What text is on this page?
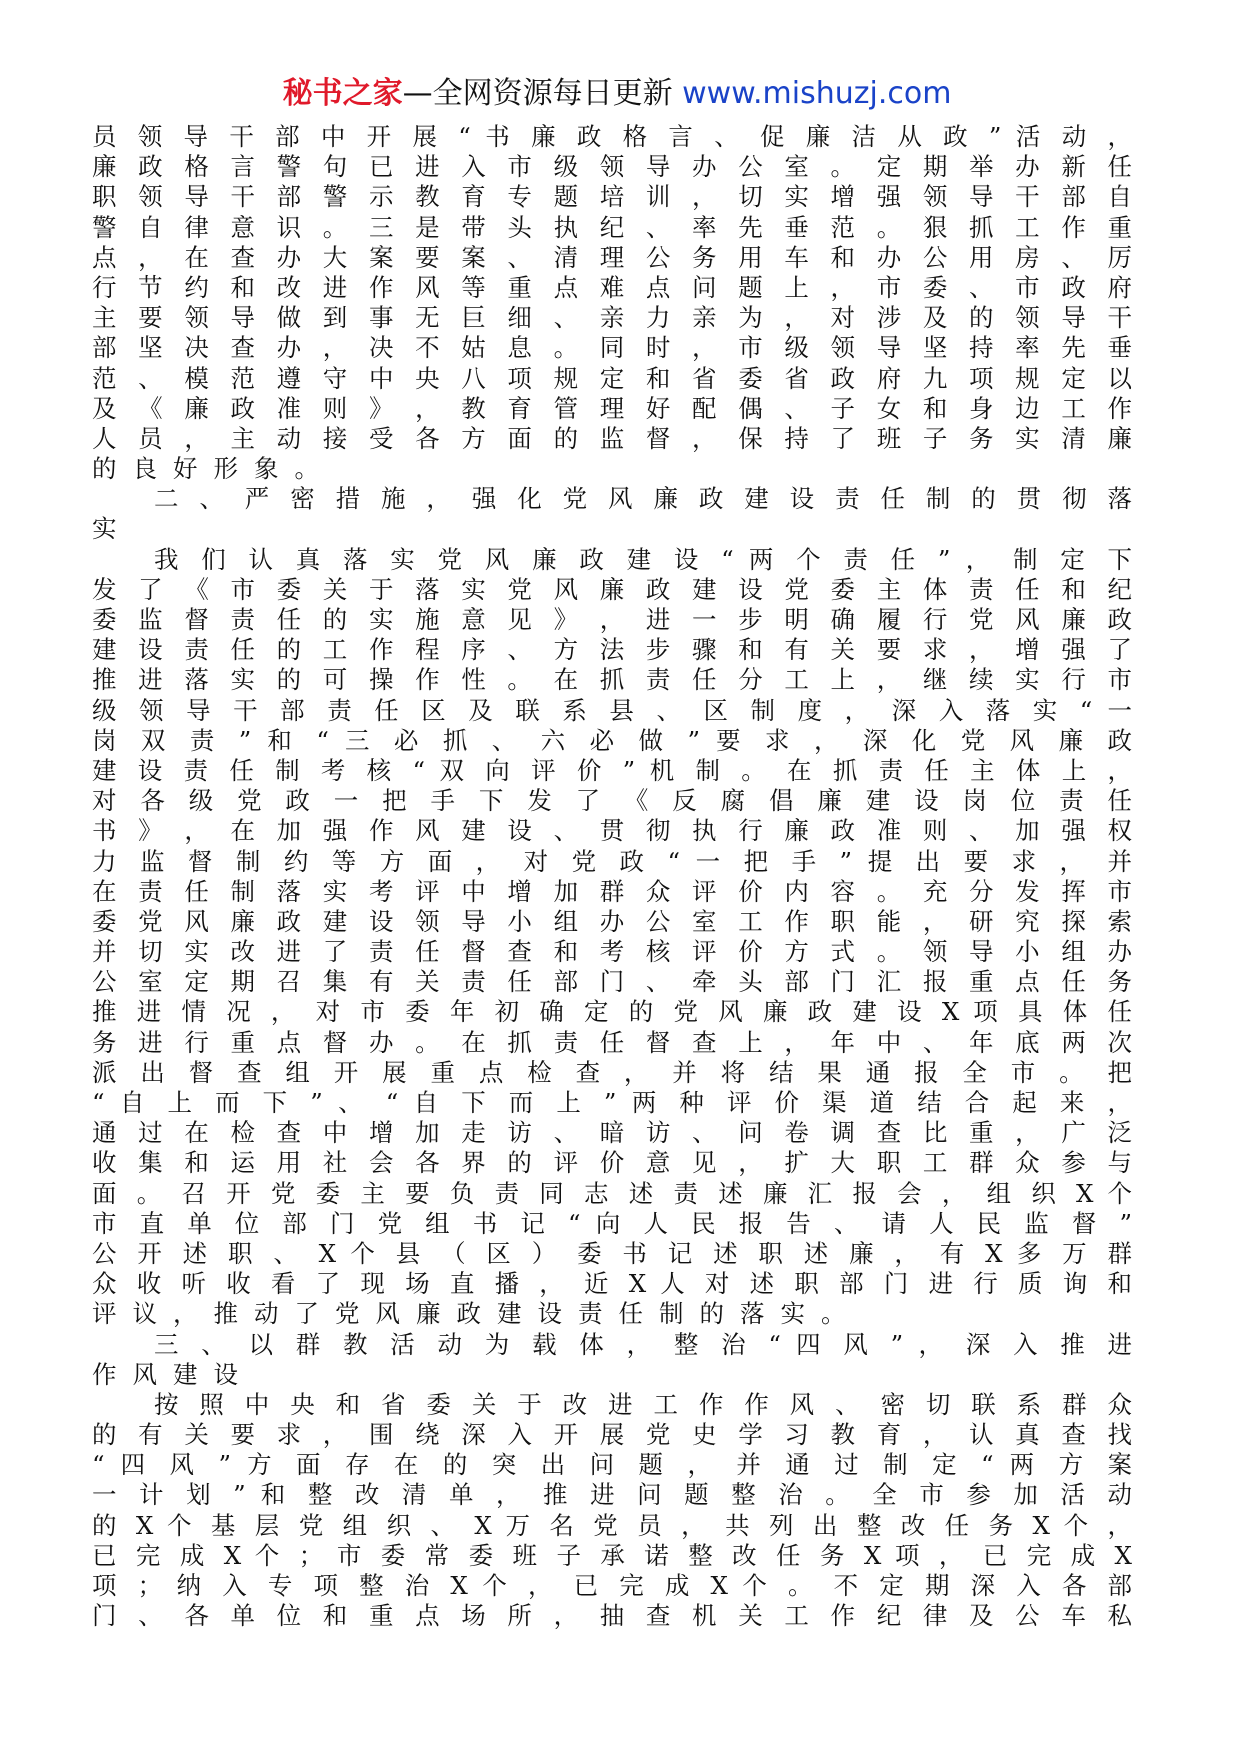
秘书之家—全网资源每日更新 www.mishuzj.com
员 领 导 干 部 中 开 展 “ 书 廉 政 格 言 、 促 廉 洁 从 政 ” 活 动 ，
廉 政 格 言 警 句 已 进 入 市 级 领 导 办 公 室 。 定 期 举 办 新 任
职 领 导 干 部 警 示 教 育 专 题 培 训 ， 切 实 增 强 领 导 干 部 自
警 自 律 意 识 。 三 是 带 头 执 纪 、 率 先 垂 范 。 狠 抓 工 作 重
点 ， 在 查 办 大 案 要 案 、 清 理 公 务 用 车 和 办 公 用 房 、 厉
行 节 约 和 改 进 作 风 等 重 点 难 点 问 题 上 ， 市 委 、 市 政 府
主 要 领 导 做 到 事 无 巨 细 、 亲 力 亲 为 ， 对 涉 及 的 领 导 干
部 坚 决 查 办 ， 决 不 姑 息 。 同 时 ， 市 级 领 导 坚 持 率 先 垂
范 、 模 范 遵 守 中 央 八 项 规 定 和 省 委 省 政 府 九 项 规 定 以
及 《 廉 政 准 则 》 ， 教 育 管 理 好 配 偶 、 子 女 和 身 边 工 作
人 员 ， 主 动 接 受 各 方 面 的 监 督 ， 保 持 了 班 子 务 实 清 廉
的良好形象。
二 、 严 密 措 施 ， 强 化 党 风 廉 政 建 设 责 任 制 的 贯 彻 落
实
我 们 认 真 落 实 党 风 廉 政 建 设 “ 两 个 责 任 ” ， 制 定 下
发 了 《 市 委 关 于 落 实 党 风 廉 政 建 设 党 委 主 体 责 任 和 纪
委 监 督 责 任 的 实 施 意 见 》 ， 进 一 步 明 确 履 行 党 风 廉 政
建 设 责 任 的 工 作 程 序 、 方 法 步 骤 和 有 关 要 求 ， 增 强 了
推 进 落 实 的 可 操 作 性 。 在 抓 责 任 分 工 上 ， 继 续 实 行 市
级 领 导 干 部 责 任 区 及 联 系 县 、 区 制 度 ， 深 入 落 实 “ 一
岗 双 责 ” 和 “ 三 必 抓 、 六 必 做 ” 要 求 ， 深 化 党 风 廉 政
建 设 责 任 制 考 核 “ 双 向 评 价 ” 机 制 。 在 抓 责 任 主 体 上 ，
对 各 级 党 政 一 把 手 下 发 了 《 反 腐 倡 廉 建 设 岗 位 责 任
书 》 ， 在 加 强 作 风 建 设 、 贯 彻 执 行 廉 政 准 则 、 加 强 权
力 监 督 制 约 等 方 面 ， 对 党 政 “ 一 把 手 ” 提 出 要 求 ， 并
在 责 任 制 落 实 考 评 中 增 加 群 众 评 价 内 容 。 充 分 发 挥 市
委 党 风 廉 政 建 设 领 导 小 组 办 公 室 工 作 职 能 ， 研 究 探 索
并 切 实 改 进 了 责 任 督 查 和 考 核 评 价 方 式 。 领 导 小 组 办
公 室 定 期 召 集 有 关 责 任 部 门 、 牵 头 部 门 汇 报 重 点 任 务
推 进 情 况 ， 对 市 委 年 初 确 定 的 党 风 廉 政 建 设 X 项 具 体 任
务 进 行 重 点 督 办 。 在 抓 责 任 督 查 上 ， 年 中 、 年 底 两 次
派 出 督 查 组 开 展 重 点 检 查 ， 并 将 结 果 通 报 全 市 。 把
“ 自 上 而 下 ” 、 “ 自 下 而 上 ” 两 种 评 价 渠 道 结 合 起 来 ，
通 过 在 检 查 中 增 加 走 访 、 暗 访 、 问 卷 调 查 比 重 ， 广 泛
收 集 和 运 用 社 会 各 界 的 评 价 意 见 ， 扩 大 职 工 群 众 参 与
面 。 召 开 党 委 主 要 负 责 同 志 述 责 述 廉 汇 报 会 ， 组 织 X 个
市 直 单 位 部 门 党 组 书 记 “ 向 人 民 报 告 、 请 人 民 监 督 ”
公 开 述 职 、 X 个 县 （ 区 ） 委 书 记 述 职 述 廉 ， 有 X 多 万 群
众 收 听 收 看 了 现 场 直 播 ， 近 X 人 对 述 职 部 门 进 行 质 询 和
评议，推动了党风廉政建设责任制的落实。
三 、 以 群 教 活 动 为 载 体 ， 整 治 “ 四 风 ” ， 深 入 推 进
作风建设
按 照 中 央 和 省 委 关 于 改 进 工 作 作 风 、 密 切 联 系 群 众
的 有 关 要 求 ， 围 绕 深 入 开 展 党 史 学 习 教 育 ， 认 真 查 找
“ 四 风 ” 方 面 存 在 的 突 出 问 题 ， 并 通 过 制 定 “ 两 方 案
一 计 划 ” 和 整 改 清 单 ， 推 进 问 题 整 治 。 全 市 参 加 活 动
的 X 个 基 层 党 组 织 、 X 万 名 党 员 ， 共 列 出 整 改 任 务 X 个 ，
已 完 成 X 个 ； 市 委 常 委 班 子 承 诺 整 改 任 务 X 项 ， 已 完 成 X
项 ； 纳 入 专 项 整 治 X 个 ， 已 完 成 X 个 。 不 定 期 深 入 各 部
门 、 各 单 位 和 重 点 场 所 ， 抽 查 机 关 工 作 纪 律 及 公 车 私
